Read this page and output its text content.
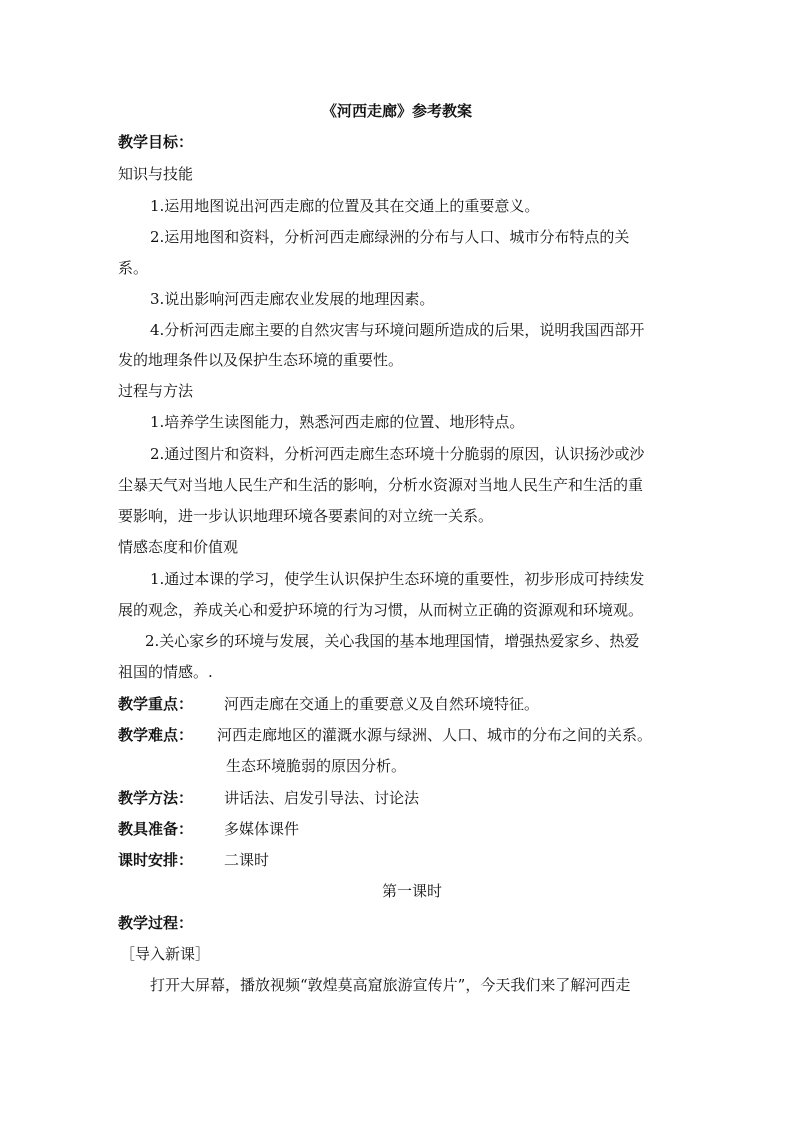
《河西走廊》参考教案
教学目标：
知识与技能
1.运用地图说出河西走廊的位置及其在交通上的重要意义。
2.运用地图和资料，分析河西走廊绿洲的分布与人口、城市分布特点的关
系。
3.说出影响河西走廊农业发展的地理因素。
4.分析河西走廊主要的自然灾害与环境问题所造成的后果，说明我国西部开
发的地理条件以及保护生态环境的重要性。
过程与方法
1.培养学生读图能力，熟悉河西走廊的位置、地形特点。
2.通过图片和资料，分析河西走廊生态环境十分脆弱的原因，认识扬沙或沙
尘暴天气对当地人民生产和生活的影响，分析水资源对当地人民生产和生活的重
要影响，进一步认识地理环境各要素间的对立统一关系。
情感态度和价值观
1.通过本课的学习，使学生认识保护生态环境的重要性，初步形成可持续发
展的观念，养成关心和爱护环境的行为习惯，从而树立正确的资源观和环境观。
2.关心家乡的环境与发展，关心我国的基本地理国情，增强热爱家乡、热爱
祖国的情感。.
教学重点： 河西走廊在交通上的重要意义及自然环境特征。
教学难点： 河西走廊地区的灌溉水源与绿洲、人口、城市的分布之间的关系。
生态环境脆弱的原因分析。
教学方法： 讲话法、启发引导法、讨论法
教具准备： 多媒体课件
课时安排： 二课时
第一课时
教学过程：
［导入新课］
打开大屏幕，播放视频“敦煌莫高窟旅游宣传片”，今天我们来了解河西走
